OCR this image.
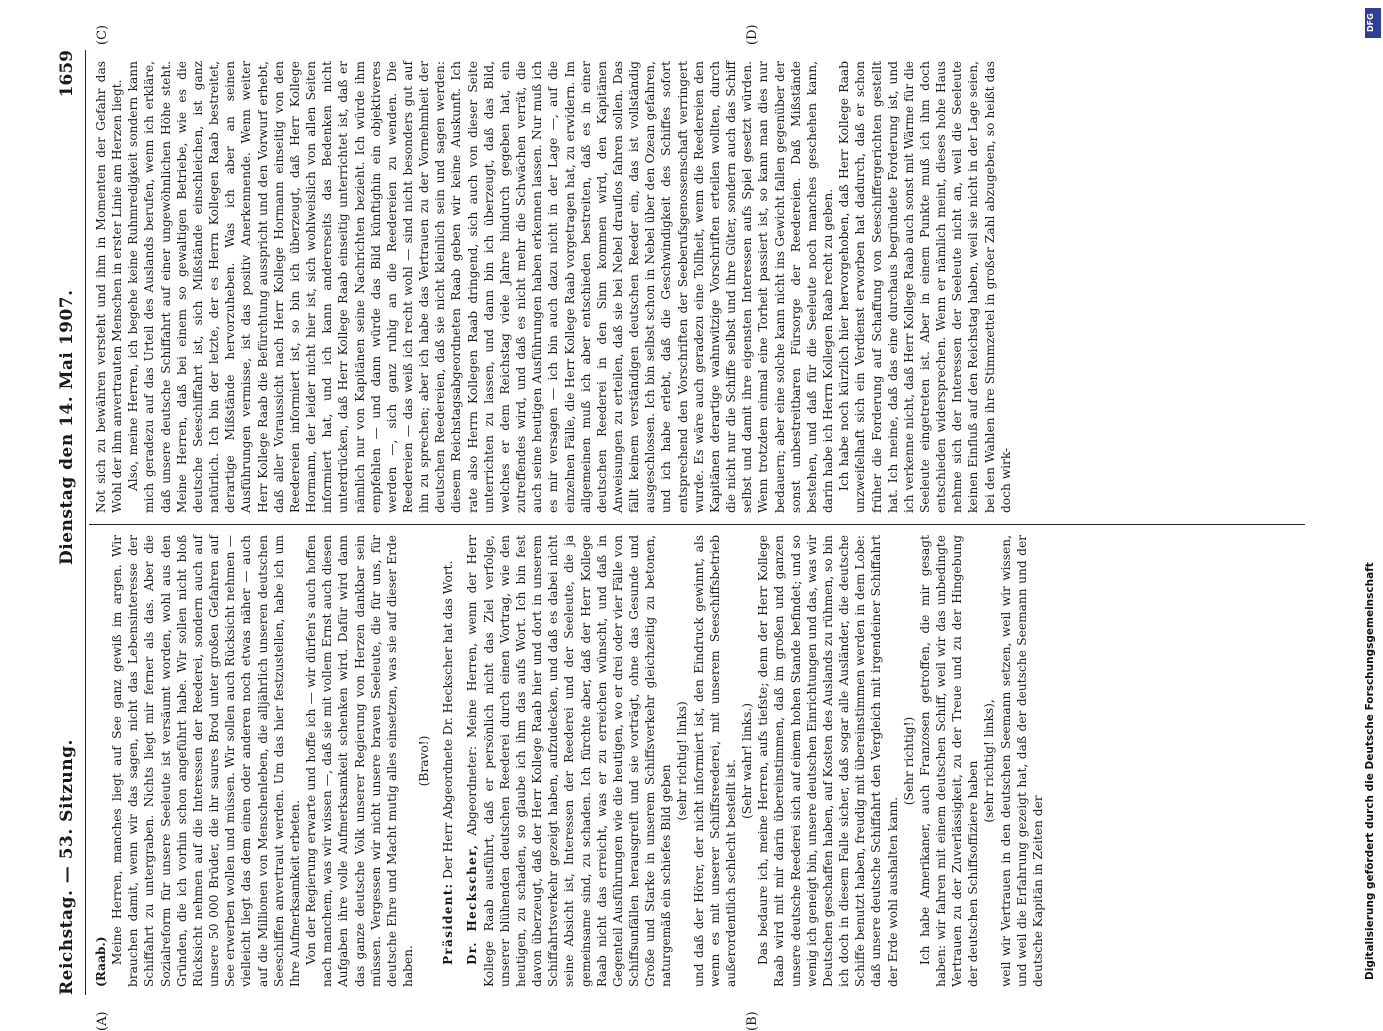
Reichstag. — 53. Sitzung.
Dienstag den 14. Mai 1907.
1659
(A)	(B)
(C)	(D)

(Raab.) Meine Herren, manches liegt auf See ganz gewiß im argen. Wir brauchen damit, wenn wir das sagen, nicht das Lebensinteresse der Schiffahrt zu untergraben. Nichts liegt mir ferner als das. Aber die Sozialreform für unsere Seeleute ist versäumt worden, wohl aus den Gründen, die ich vorhin schon angeführt habe. Wir sollen nicht bloß Rücksicht nehmen auf die Interessen der Reederei, sondern auch auf unsere 50 000 Brüder, die ihr saures Brod unter großen Gefahren auf See erwerben wollen und müssen. Wir sollen auch Rücksicht nehmen — vielleicht liegt das dem einen oder anderen noch etwas näher — auch auf die Millionen von Menschenleben, die alljährlich unseren deutschen Seeschiffen anvertraut werden. Um das hier festzustellen, habe ich um Ihre Aufmerksamkeit erbeten. Von der Regierung erwarte und hoffe ich — wir dürfen's auch hoffen nach manchem, was wir wissen —, daß sie mit vollem Ernst auch diesen Aufgaben ihre volle Aufmerksamkeit schenken wird. Dafür wird dann das ganze deutsche Volk unserer Regierung von Herzen dankbar sein müssen. Vergessen wir nicht unsere braven Seeleute, die für uns, für deutsche Ehre und Macht mutig alles einsetzen, was sie auf dieser Erde haben.

(Bravo!)

Präsident: Der Herr Abgeordnete Dr. Heckscher hat das Wort.

Dr. Heckscher, Abgeordneter: Meine Herren, wenn der Herr Kollege Raab ausführt, daß er persönlich nicht das Ziel verfolge, unserer blühenden deutschen Reederei durch einen Vortrag, wie den heutigen, zu schaden, so glaube ich ihm das aufs Wort. Ich bin fest davon überzeugt, daß der Herr Kollege Raab hier und dort in unserem Schiffahrtsverkehr gezeigt haben, aufzudecken, und daß es dabei nicht seine Absicht ist, Interessen der Reederei und der Seeleute, die ja gemeinsame sind, zu schaden. Ich fürchte aber, daß der Herr Kollege Raab nicht das erreicht, was er zu erreichen wünscht, und daß in Gegenteil Ausführungen wie die heutigen, wo er drei oder vier Fälle von Schiffsunfällen herausgreift und sie vorträgt, ohne das Gesunde und Große und Starke in unserem Schiffsverkehr gleichzeitig zu betonen, naturgemäß ein schiefes Bild geben

(sehr richtig! links) und daß der Hörer, der nicht informiert ist, den Eindruck gewinnt, als wenn es mit unserer Schiffsreederei, mit unserem Seeschiffsbetrieb außerordentlich schlecht bestellt ist. (Sehr wahr! links.) Das bedaure ich, meine Herren, aufs tiefste; denn der Herr Kollege Raab wird mit mir darin übereinstimmen, daß im großen und ganzen unsere deutsche Reederei sich auf einem hohen Stande befindet; und so wenig ich geneigt bin, unsere deutschen Einrichtungen und das, was wir Deutschen geschaffen haben, auf Kosten des Auslands zu rühmen, so bin ich doch in diesem Falle sicher, daß sogar alle Ausländer, die deutsche Schiffe benutzt haben, freudig mit übereinstimmen werden in dem Lobe: daß unsere deutsche Schiffahrt den Vergleich mit irgendeiner Schiffahrt der Erde wohl aushalten kann.

(Sehr richtig!) Ich habe Amerikaner, auch Franzosen getroffen, die mir gesagt haben: wir fahren mit einem deutschen Schiff, weil wir das unbedingte Vertrauen zu der Zuverlässigkeit, zu der Treue und zu der Hingebung der deutschen Schiffsoffiziere haben (sehr richtig! links), weil wir Vertrauen in den deutschen Seemann setzen, weil wir wissen, und weil die Erfahrung gezeigt hat, daß der deutsche Seemann und der deutsche Kapitän in Zeiten der

Not sich zu bewähren versteht und ihm in Momenten der Gefahr das Wohl der ihm anvertrauten Menschen in erster Linie am Herzen liegt. Also, meine Herren, ich begehe keine Ruhmredigkeit sondern kann mich geradezu auf das Urteil des Auslands berufen, wenn ich erkläre, daß unsere deutsche Schiffahrt auf einer ungewöhnlichen Höhe steht. Meine Herren, daß bei einem so gewaltigen Betriebe, wie es die deutsche Seeschiffahrt ist, sich Mißstände einschleichen, ist ganz natürlich. Ich bin der letzte, der es Herrn Kollegen Raab bestreitet, derartige Mißstände hervorzuheben. Was ich aber an seinen Ausführungen vermisse, ist das positiv Anerkennende. Wenn weiter Herr Kollege Raab die Befürchtung ausspricht und den Vorwurf erhebt, daß aller Voraussicht nach Herr Kollege Hormann einseitig von den Reedereien informiert ist, so bin ich überzeugt, daß Herr Kollege Hormann, der leider nicht hier ist, sich wohlweislich von allen Seiten informiert hat, und ich kann andererseits das Bedenken nicht unterdrücken, daß Herr Kollege Raab einseitig unterrichtet ist, daß er nämlich nur von Kapitänen seine Nachrichten bezieht. Ich würde ihm empfehlen — und dann würde das Bild künftighin ein objektiveres werden —, sich ganz ruhig an die Reedereien zu wenden. Die Reedereien — das weiß ich recht wohl — sind nicht besonders gut auf ihn zu sprechen; aber ich habe das Vertrauen zu der Vornehmheit der deutschen Reedereien, daß sie nicht kleinlich sein und sagen werden: diesem Reichstagsabgeordneten Raab geben wir keine Auskunft. Ich rate also Herrn Kollegen Raab dringend, sich auch von dieser Seite unterrichten zu lassen, und dann bin ich überzeugt, daß das Bild, welches er dem Reichstag viele Jahre hindurch gegeben hat, ein zutreffendes wird, und daß es nicht mehr die Schwächen verrät, die auch seine heutigen Ausführungen haben erkennen lassen. Nur muß ich es mir versagen — ich bin auch dazu nicht in der Lage —, auf die einzelnen Fälle, die Herr Kollege Raab vorgetragen hat, zu erwidern. Im allgemeinen muß ich aber entschieden bestreiten, daß es in einer deutschen Reederei in den Sinn kommen wird, den Kapitänen Anweisungen zu erteilen, daß sie bei Nebel drauflos fahren sollen. Das fällt keinem verständigen deutschen Reeder ein, das ist vollständig ausgeschlossen. Ich bin selbst schon in Nebel über den Ozean gefahren, und ich habe erlebt, daß die Geschwindigkeit des Schiffes sofort entsprechend den Vorschriften der Seeberufsgenossenschaft verringert wurde. Es wäre auch geradezu eine Tollheit, wenn die Reedereien den Kapitänen derartige wahnwitzige Vorschriften erteilen wollten, durch die nicht nur die Schiffe selbst und ihre Güter, sondern auch das Schiff selbst und damit ihre eigensten Interessen aufs Spiel gesetzt würden. Wenn trotzdem einmal eine Torheit passiert ist, so kann man dies nur bedauern; aber eine solche kann nicht ins Gewicht fallen gegenüber der sonst unbestreitbaren Fürsorge der Reedereien. Daß Mißstände bestehen, und daß für die Seeleute noch manches geschehen kann, darin habe ich Herrn Kollegen Raab recht zu geben. Ich habe noch kürzlich hier hervorgehoben, daß Herr Kollege Raab unzweifelhaft sich ein Verdienst erworben hat dadurch, daß er schon früher die Forderung auf Schaffung von Seeschiffergerichten gestellt hat. Ich meine, daß das eine durchaus begründete Forderung ist, und ich verkenne nicht, daß Herr Kollege Raab auch sonst mit Wärme für die Seeleute eingetreten ist. Aber in einem Punkte muß ich ihm doch entschieden widersprechen. Wenn er nämlich meint, dieses hohe Haus nehme sich der Interessen der Seeleute nicht an, weil die Seeleute keinen Einfluß auf den Reichstag haben, weil sie nicht in der Lage seien, bei den Wahlen ihre Stimmzettel in großer Zahl abzugeben, so heißt das doch wirk-

DFG
Digitalisierung gefördert durch die Deutsche Forschungsgemeinschaft
